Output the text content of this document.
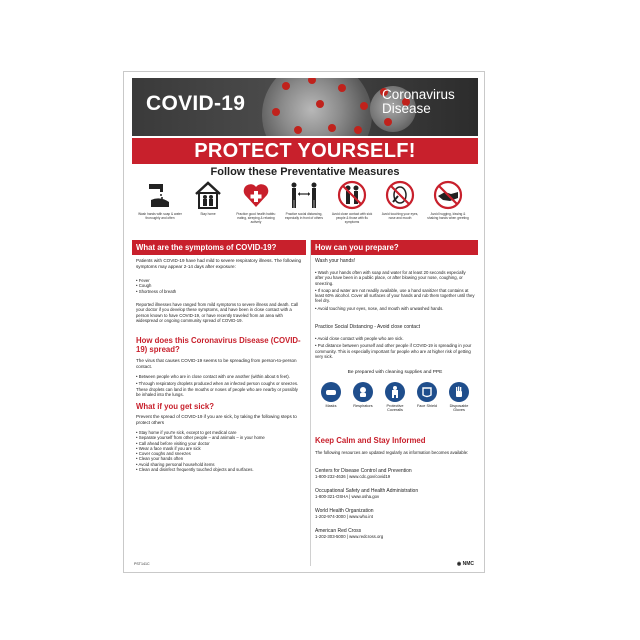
COVID-19	Coronavirus Disease
PROTECT YOURSELF!
Follow these Preventative Measures
Wash hands with soap & water thoroughly and often
Stay home	Practice good health habits: eating, sleeping & relaxing actively
Practice social distancing, especially in front of others
Avoid close contact with sick people & those with flu symptoms
Avoid touching your eyes, nose and mouth
Avoid hugging, kissing & shaking hands when greeting
What are the symptoms of COVID-19?
Patients with COVID-19 have had mild to severe respiratory illness. The following symptoms may appear 2-14 days after exposure:
• Fever
• Cough
• Shortness of breath
Reported illnesses have ranged from mild symptoms to severe illness and death. Call your doctor if you develop these symptoms, and have been in close contact with a person known to have COVID-19, or have recently traveled from an area with widespread or ongoing community spread of COVID-19.
How does this Coronavirus Disease (COVID-19) spread?
The virus that causes COVID-19 seems to be spreading from person-to-person contact.

• Between people who are in close contact with one another (within about 6 feet).

• Through respiratory droplets produced when an infected person coughs or sneezes. These droplets can land in the mouths or noses of people who are nearby or possibly be inhaled into the lungs.

What if you get sick?
Prevent the spread of COVID-19 if you are sick, by taking the following steps to protect others
• Stay home if you're sick, except to get medical care
• Separate yourself from other people – and animals – in your home
• Call ahead before visiting your doctor
• Wear a face mask if you are sick
• Cover coughs and sneezes
• Clean your hands often
• Avoid sharing personal household items
• Clean and disinfect frequently touched objects and surfaces.
How can you prepare?
Wash your hands!

• Wash your hands often with soap and water for at least 20 seconds especially after you have been in a public place, or after blowing your nose, coughing, or sneezing.

• If soap and water are not readily available, use a hand sanitizer that contains at least 60% alcohol. Cover all surfaces of your hands and rub them together until they feel dry.

• Avoid touching your eyes, nose, and mouth with unwashed hands.

Practice Social Distancing - Avoid close contact

• Avoid close contact with people who are sick.

• Put distance between yourself and other people if COVID-19 is spreading in your community. This is especially important for people who are at higher risk of getting very sick.

Be prepared with cleaning supplies and PPE
Masks	Respirators	Protective Coveralls
Face Shield	Disposable Gloves
Keep Calm and Stay Informed
The following resources are updated regularly as information becomes available:
Centers for Disease Control and Prevention
1-800-232-4636 | www.cdc.gov/covid19
Occupational Safety and Health Administration
1-800-321-OSHA | www.osha.gov
World Health Organization
1-202-974-3000 | www.who.int
American Red Cross
1-202-303-5000 | www.redcross.org
PST141C	◉ NMC
